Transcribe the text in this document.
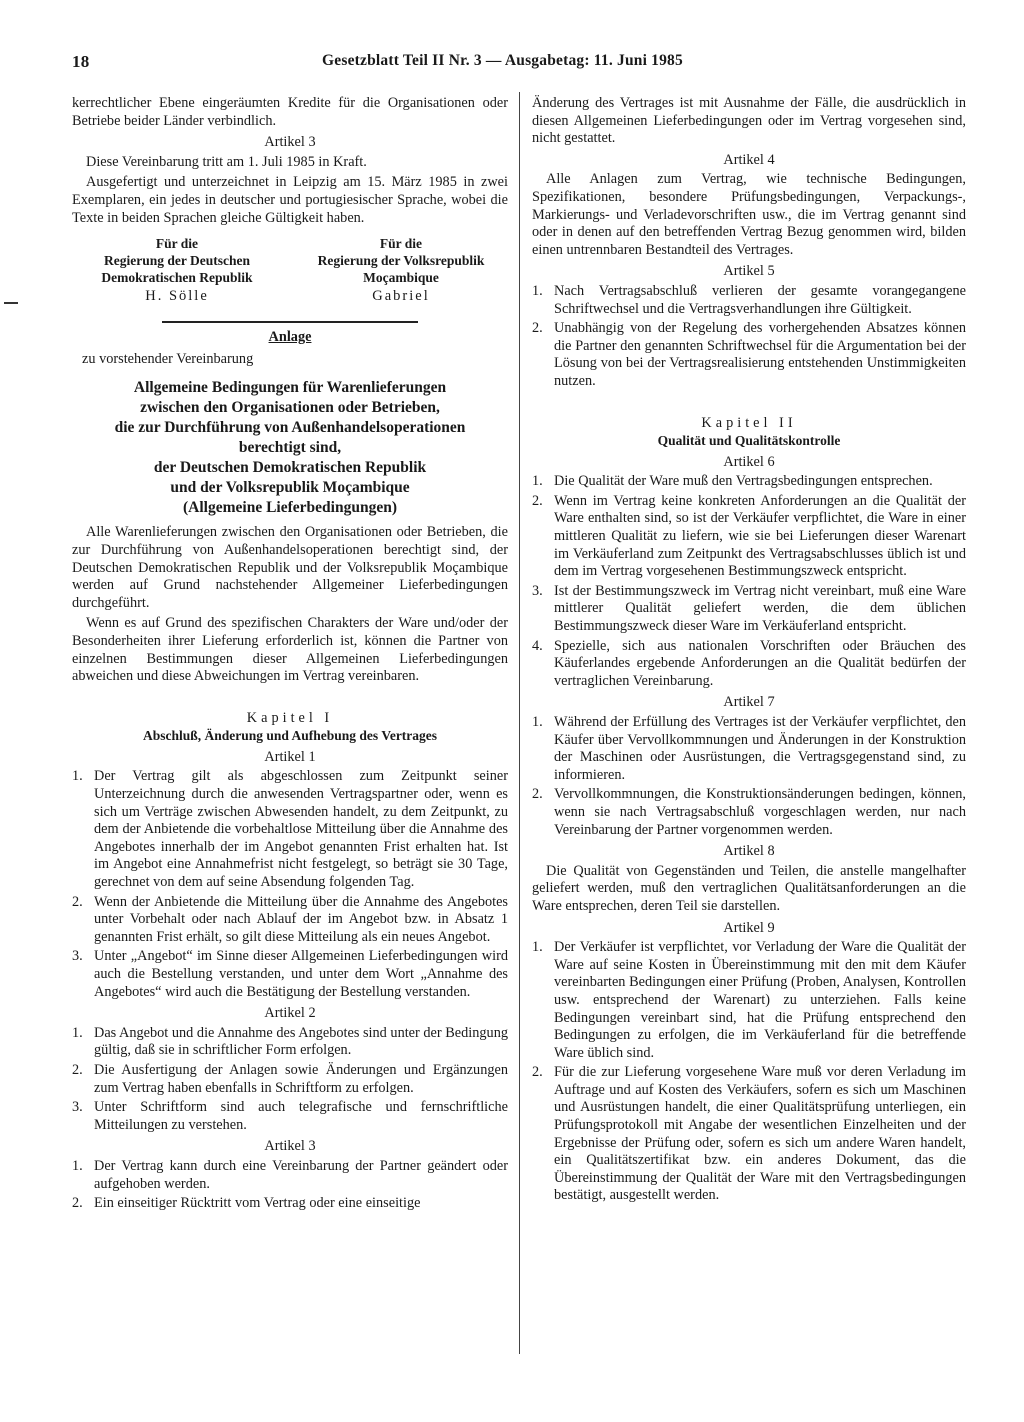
18	Gesetzblatt Teil II Nr. 3 — Ausgabetag: 11. Juni 1985

kerrechtlicher Ebene eingeräumten Kredite für die Organisationen oder Betriebe beider Länder verbindlich.

Artikel 3

Diese Vereinbarung tritt am 1. Juli 1985 in Kraft.

Ausgefertigt und unterzeichnet in Leipzig am 15. März 1985 in zwei Exemplaren, ein jedes in deutscher und portugiesischer Sprache, wobei die Texte in beiden Sprachen gleiche Gültigkeit haben.

Für die
Regierung der Deutschen
Demokratischen Republik
H. Sölle
Für die
Regierung der Volksrepublik
Moçambique
Gabriel
Anlage
zu vorstehender Vereinbarung
Allgemeine Bedingungen für Warenlieferungen
zwischen den Organisationen oder Betrieben,
die zur Durchführung von Außenhandelsoperationen
berechtigt sind,
der Deutschen Demokratischen Republik
und der Volksrepublik Moçambique
(Allgemeine Lieferbedingungen)

Alle Warenlieferungen zwischen den Organisationen oder Betrieben, die zur Durchführung von Außenhandelsoperationen berechtigt sind, der Deutschen Demokratischen Republik und der Volksrepublik Moçambique werden auf Grund nachstehender Allgemeiner Lieferbedingungen durchgeführt.

Wenn es auf Grund des spezifischen Charakters der Ware und/oder der Besonderheiten ihrer Lieferung erforderlich ist, können die Partner von einzelnen Bestimmungen dieser Allgemeinen Lieferbedingungen abweichen und diese Abweichungen im Vertrag vereinbaren.

Kapitel I
Abschluß, Änderung und Aufhebung des Vertrages
Artikel 1
1. Der Vertrag gilt als abgeschlossen zum Zeitpunkt seiner Unterzeichnung durch die anwesenden Vertragspartner oder, wenn es sich um Verträge zwischen Abwesenden handelt, zu dem Zeitpunkt, zu dem der Anbietende die vorbehaltlose Mitteilung über die Annahme des Angebotes innerhalb der im Angebot genannten Frist erhalten hat. Ist im Angebot eine Annahmefrist nicht festgelegt, so beträgt sie 30 Tage, gerechnet von dem auf seine Absendung folgenden Tag.
2. Wenn der Anbietende die Mitteilung über die Annahme des Angebotes unter Vorbehalt oder nach Ablauf der im Angebot bzw. in Absatz 1 genannten Frist erhält, so gilt diese Mitteilung als ein neues Angebot.
3. Unter „Angebot“ im Sinne dieser Allgemeinen Lieferbedingungen wird auch die Bestellung verstanden, und unter dem Wort „Annahme des Angebotes“ wird auch die Bestätigung der Bestellung verstanden.
Artikel 2
1. Das Angebot und die Annahme des Angebotes sind unter der Bedingung gültig, daß sie in schriftlicher Form erfolgen.
2. Die Ausfertigung der Anlagen sowie Änderungen und Ergänzungen zum Vertrag haben ebenfalls in Schriftform zu erfolgen.
3. Unter Schriftform sind auch telegrafische und fernschriftliche Mitteilungen zu verstehen.
Artikel 3
1. Der Vertrag kann durch eine Vereinbarung der Partner geändert oder aufgehoben werden.
2. Ein einseitiger Rücktritt vom Vertrag oder eine einseitige

Änderung des Vertrages ist mit Ausnahme der Fälle, die ausdrücklich in diesen Allgemeinen Lieferbedingungen oder im Vertrag vorgesehen sind, nicht gestattet.

Artikel 4

Alle Anlagen zum Vertrag, wie technische Bedingungen, Spezifikationen, besondere Prüfungsbedingungen, Verpackungs-, Markierungs- und Verladevorschriften usw., die im Vertrag genannt sind oder in denen auf den betreffenden Vertrag Bezug genommen wird, bilden einen untrennbaren Bestandteil des Vertrages.

Artikel 5
1. Nach Vertragsabschluß verlieren der gesamte vorangegangene Schriftwechsel und die Vertragsverhandlungen ihre Gültigkeit.
2. Unabhängig von der Regelung des vorhergehenden Absatzes können die Partner den genannten Schriftwechsel für die Argumentation bei der Lösung von bei der Vertragsrealisierung entstehenden Unstimmigkeiten nutzen.
Kapitel II
Qualität und Qualitätskontrolle
Artikel 6
1. Die Qualität der Ware muß den Vertragsbedingungen entsprechen.
2. Wenn im Vertrag keine konkreten Anforderungen an die Qualität der Ware enthalten sind, so ist der Verkäufer verpflichtet, die Ware in einer mittleren Qualität zu liefern, wie sie bei Lieferungen dieser Warenart im Verkäuferland zum Zeitpunkt des Vertragsabschlusses üblich ist und dem im Vertrag vorgesehenen Bestimmungszweck entspricht.
3. Ist der Bestimmungszweck im Vertrag nicht vereinbart, muß eine Ware mittlerer Qualität geliefert werden, die dem üblichen Bestimmungszweck dieser Ware im Verkäuferland entspricht.
4. Spezielle, sich aus nationalen Vorschriften oder Bräuchen des Käuferlandes ergebende Anforderungen an die Qualität bedürfen der vertraglichen Vereinbarung.
Artikel 7
1. Während der Erfüllung des Vertrages ist der Verkäufer verpflichtet, den Käufer über Vervollkommnungen und Änderungen in der Konstruktion der Maschinen oder Ausrüstungen, die Vertragsgegenstand sind, zu informieren.
2. Vervollkommnungen, die Konstruktionsänderungen bedingen, können, wenn sie nach Vertragsabschluß vorgeschlagen werden, nur nach Vereinbarung der Partner vorgenommen werden.
Artikel 8

Die Qualität von Gegenständen und Teilen, die anstelle mangelhafter geliefert werden, muß den vertraglichen Qualitätsanforderungen an die Ware entsprechen, deren Teil sie darstellen.

Artikel 9
1. Der Verkäufer ist verpflichtet, vor Verladung der Ware die Qualität der Ware auf seine Kosten in Übereinstimmung mit den mit dem Käufer vereinbarten Bedingungen einer Prüfung (Proben, Analysen, Kontrollen usw. entsprechend der Warenart) zu unterziehen. Falls keine Bedingungen vereinbart sind, hat die Prüfung entsprechend den Bedingungen zu erfolgen, die im Verkäuferland für die betreffende Ware üblich sind.
2. Für die zur Lieferung vorgesehene Ware muß vor deren Verladung im Auftrage und auf Kosten des Verkäufers, sofern es sich um Maschinen und Ausrüstungen handelt, die einer Qualitätsprüfung unterliegen, ein Prüfungsprotokoll mit Angabe der wesentlichen Einzelheiten und der Ergebnisse der Prüfung oder, sofern es sich um andere Waren handelt, ein Qualitätszertifikat bzw. ein anderes Dokument, das die Übereinstimmung der Qualität der Ware mit den Vertragsbedingungen bestätigt, ausgestellt werden.
